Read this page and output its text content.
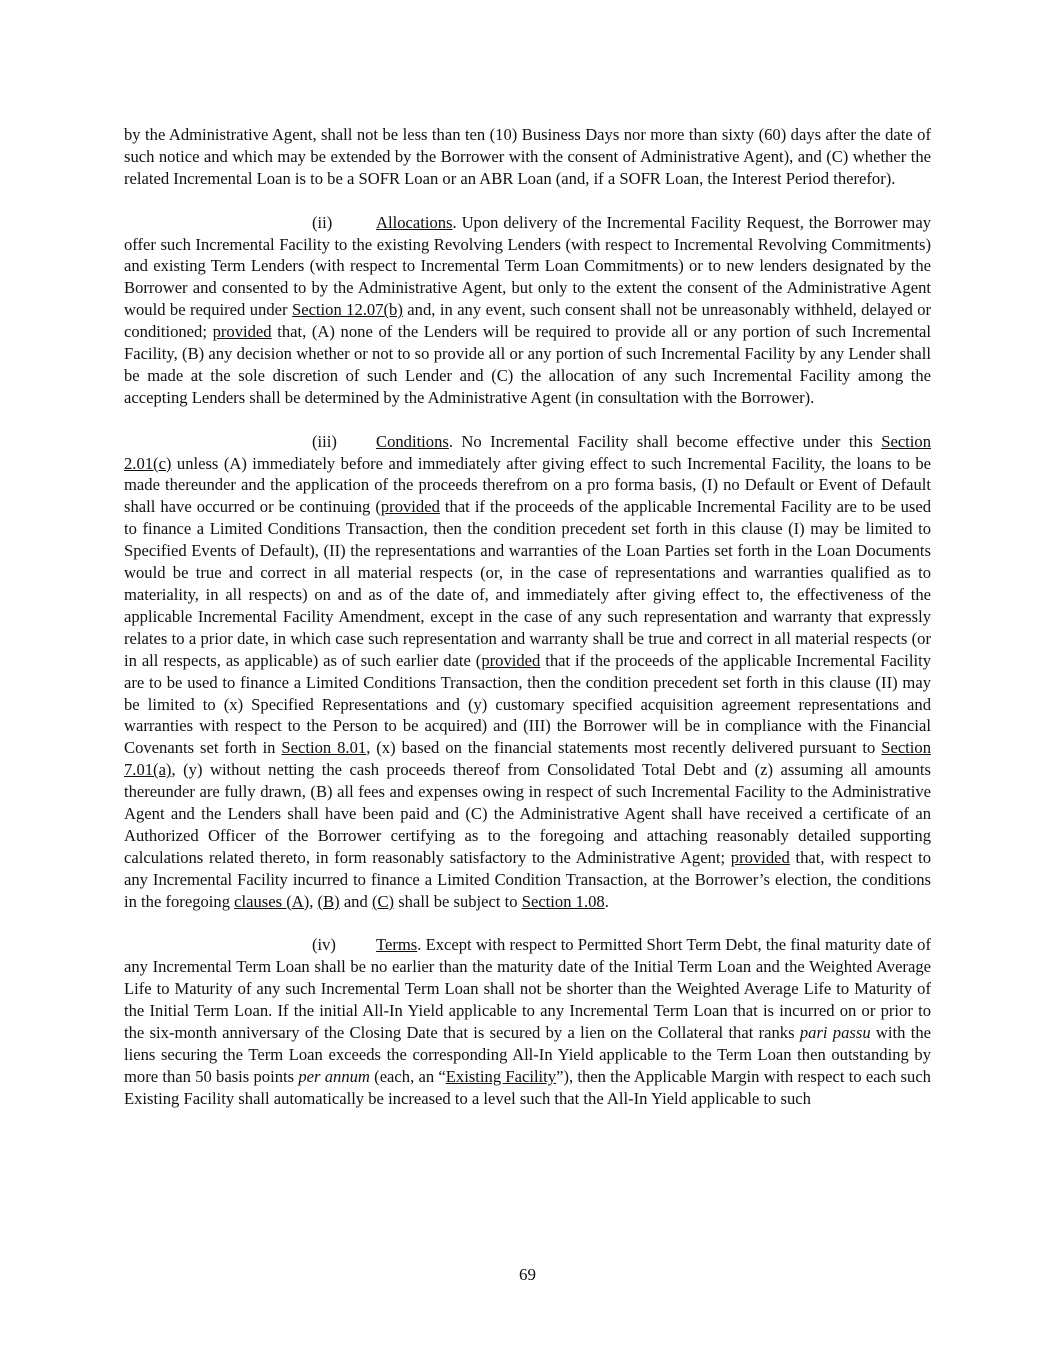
by the Administrative Agent, shall not be less than ten (10) Business Days nor more than sixty (60) days after the date of such notice and which may be extended by the Borrower with the consent of Administrative Agent), and (C) whether the related Incremental Loan is to be a SOFR Loan or an ABR Loan (and, if a SOFR Loan, the Interest Period therefor).

(ii)	Allocations. Upon delivery of the Incremental Facility Request, the Borrower may offer such Incremental Facility to the existing Revolving Lenders (with respect to Incremental Revolving Commitments) and existing Term Lenders (with respect to Incremental Term Loan Commitments) or to new lenders designated by the Borrower and consented to by the Administrative Agent, but only to the extent the consent of the Administrative Agent would be required under Section 12.07(b) and, in any event, such consent shall not be unreasonably withheld, delayed or conditioned; provided that, (A) none of the Lenders will be required to provide all or any portion of such Incremental Facility, (B) any decision whether or not to so provide all or any portion of such Incremental Facility by any Lender shall be made at the sole discretion of such Lender and (C) the allocation of any such Incremental Facility among the accepting Lenders shall be determined by the Administrative Agent (in consultation with the Borrower).

(iii) Conditions. No Incremental Facility shall become effective under this Section 2.01(c) unless (A) immediately before and immediately after giving effect to such Incremental Facility, the loans to be made thereunder and the application of the proceeds therefrom on a pro forma basis, (I) no Default or Event of Default shall have occurred or be continuing (provided that if the proceeds of the applicable Incremental Facility are to be used to finance a Limited Conditions Transaction, then the condition precedent set forth in this clause (I) may be limited to Specified Events of Default), (II) the representations and warranties of the Loan Parties set forth in the Loan Documents would be true and correct in all material respects (or, in the case of representations and warranties qualified as to materiality, in all respects) on and as of the date of, and immediately after giving effect to, the effectiveness of the applicable Incremental Facility Amendment, except in the case of any such representation and warranty that expressly relates to a prior date, in which case such representation and warranty shall be true and correct in all material respects (or in all respects, as applicable) as of such earlier date (provided that if the proceeds of the applicable Incremental Facility are to be used to finance a Limited Conditions Transaction, then the condition precedent set forth in this clause (II) may be limited to (x) Specified Representations and (y) customary specified acquisition agreement representations and warranties with respect to the Person to be acquired) and (III) the Borrower will be in compliance with the Financial Covenants set forth in Section 8.01, (x) based on the financial statements most recently delivered pursuant to Section 7.01(a), (y) without netting the cash proceeds thereof from Consolidated Total Debt and (z) assuming all amounts thereunder are fully drawn, (B) all fees and expenses owing in respect of such Incremental Facility to the Administrative Agent and the Lenders shall have been paid and (C) the Administrative Agent shall have received a certificate of an Authorized Officer of the Borrower certifying as to the foregoing and attaching reasonably detailed supporting calculations related thereto, in form reasonably satisfactory to the Administrative Agent; provided that, with respect to any Incremental Facility incurred to finance a Limited Condition Transaction, at the Borrower’s election, the conditions in the foregoing clauses (A), (B) and (C) shall be subject to Section 1.08.

(iv) Terms. Except with respect to Permitted Short Term Debt, the final maturity date of any Incremental Term Loan shall be no earlier than the maturity date of the Initial Term Loan and the Weighted Average Life to Maturity of any such Incremental Term Loan shall not be shorter than the Weighted Average Life to Maturity of the Initial Term Loan. If the initial All-In Yield applicable to any Incremental Term Loan that is incurred on or prior to the six-month anniversary of the Closing Date that is secured by a lien on the Collateral that ranks pari passu with the liens securing the Term Loan exceeds the corresponding All-In Yield applicable to the Term Loan then outstanding by more than 50 basis points per annum (each, an “Existing Facility”), then the Applicable Margin with respect to each such Existing Facility shall automatically be increased to a level such that the All-In Yield applicable to such

69
